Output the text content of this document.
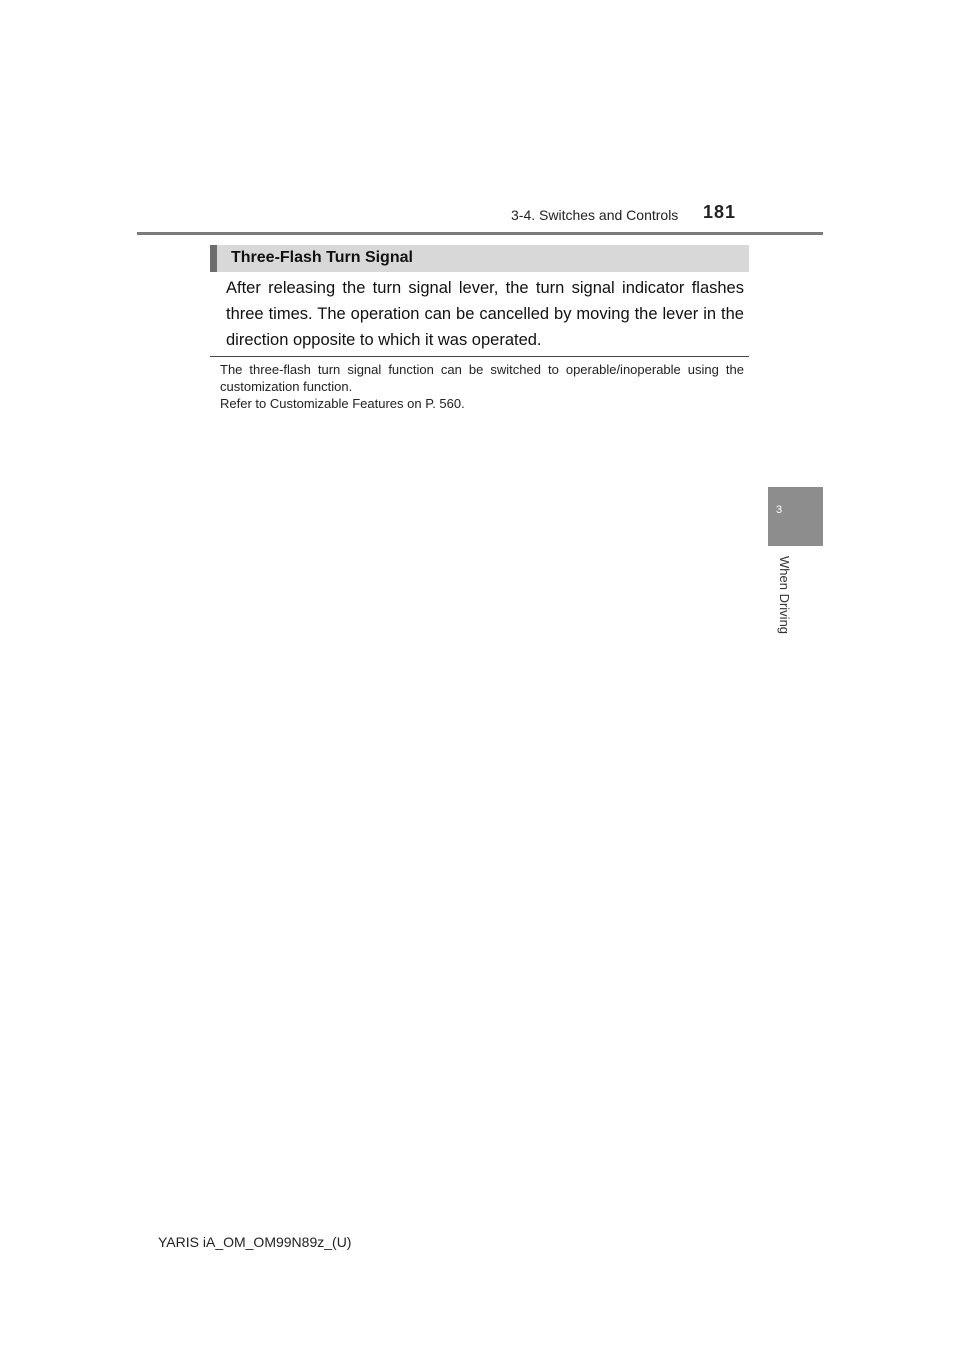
3-4. Switches and Controls 181
Three-Flash Turn Signal
After releasing the turn signal lever, the turn signal indicator flashes three times. The operation can be cancelled by moving the lever in the direction opposite to which it was operated.

The three-flash turn signal function can be switched to operable/inoperable using the customization function.

Refer to Customizable Features on P. 560.

3
When Driving
YARIS iA_OM_OM99N89z_(U)
